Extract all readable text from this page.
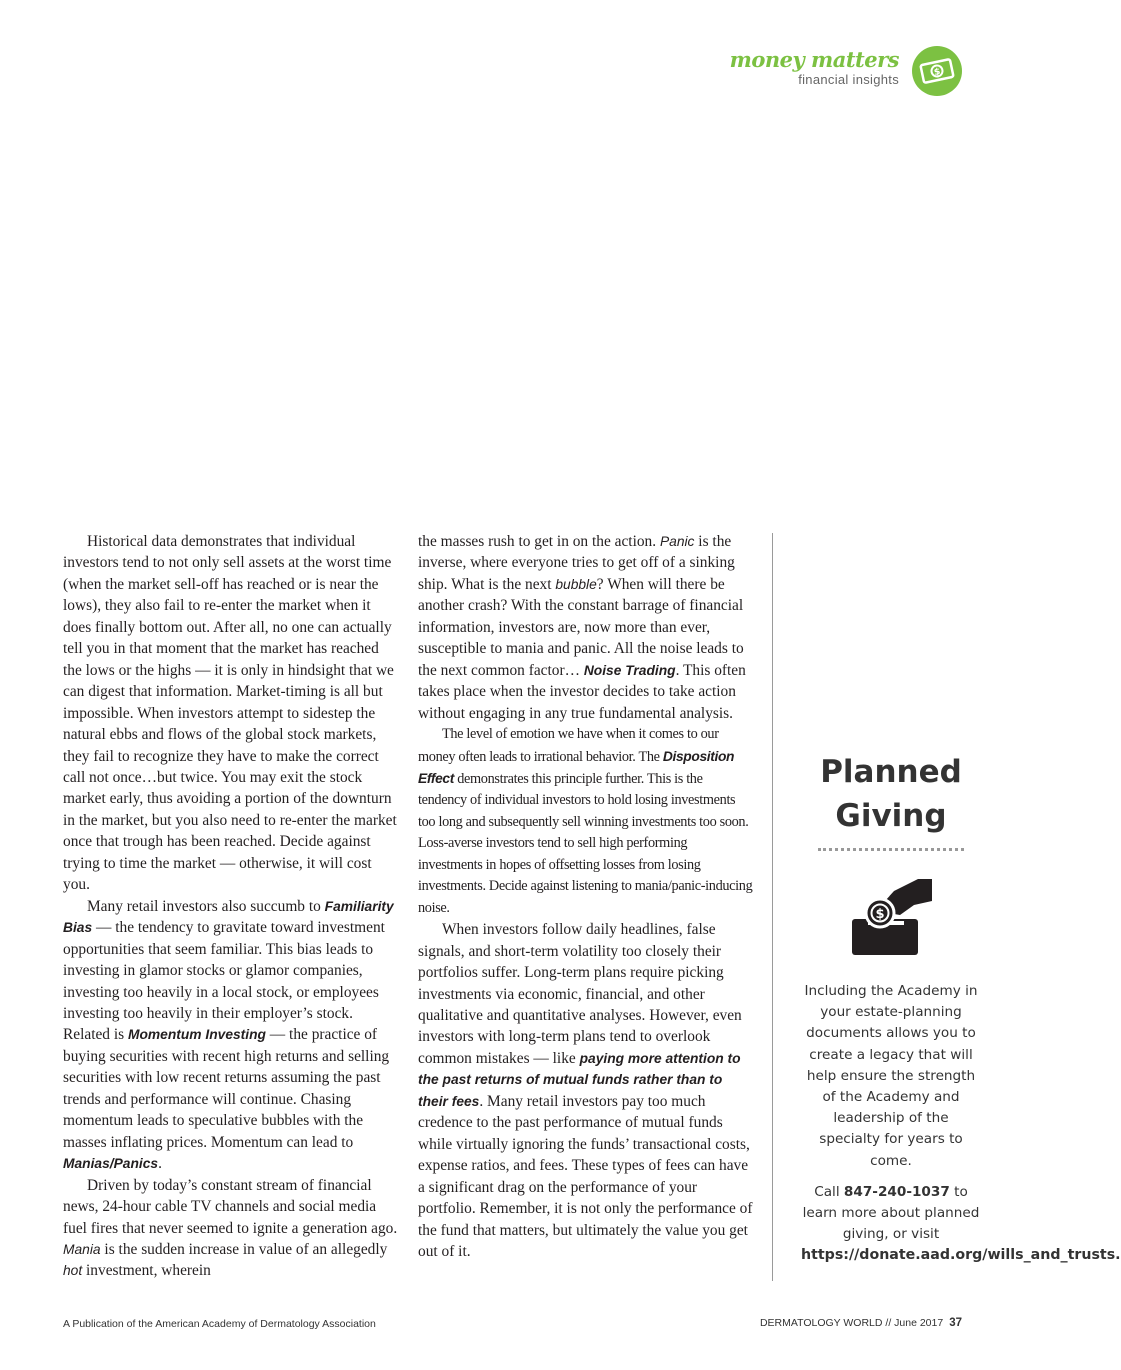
money matters
financial insights	$

Historical data demonstrates that individual investors tend to not only sell assets at the worst time (when the market sell-off has reached or is near the lows), they also fail to re-enter the market when it does finally bottom out. After all, no one can actually tell you in that moment that the market has reached the lows or the highs — it is only in hindsight that we can digest that information. Market-timing is all but impossible. When investors attempt to sidestep the natural ebbs and flows of the global stock markets, they fail to recognize they have to make the correct call not once…but twice. You may exit the stock market early, thus avoiding a portion of the downturn in the market, but you also need to re-enter the market once that trough has been reached. Decide against trying to time the market — otherwise, it will cost you.

Many retail investors also succumb to Familiarity Bias — the tendency to gravitate toward investment opportunities that seem familiar. This bias leads to investing in glamor stocks or glamor companies, investing too heavily in a local stock, or employees investing too heavily in their employer’s stock. Related is Momentum Investing — the practice of buying securities with recent high returns and selling securities with low recent returns assuming the past trends and performance will continue. Chasing momentum leads to speculative bubbles with the masses inflating prices. Momentum can lead to Manias/Panics.

Driven by today’s constant stream of financial news, 24-hour cable TV channels and social media fuel fires that never seemed to ignite a generation ago. Mania is the sudden increase in value of an allegedly hot investment, wherein

the masses rush to get in on the action. Panic is the inverse, where everyone tries to get off of a sinking ship. What is the next bubble? When will there be another crash? With the constant barrage of financial information, investors are, now more than ever, susceptible to mania and panic. All the noise leads to the next common factor… Noise Trading. This often takes place when the investor decides to take action without engaging in any true fundamental analysis.

The level of emotion we have when it comes to our money often leads to irrational behavior. The Disposition Effect demonstrates this principle further. This is the tendency of individual investors to hold losing investments too long and subsequently sell winning investments too soon. Loss-averse investors tend to sell high performing investments in hopes of offsetting losses from losing investments. Decide against listening to mania/panic-inducing noise.

When investors follow daily headlines, false signals, and short-term volatility too closely their portfolios suffer. Long-term plans require picking investments via economic, financial, and other qualitative and quantitative analyses. However, even investors with long-term plans tend to overlook common mistakes — like paying more attention to the past returns of mutual funds rather than to their fees. Many retail investors pay too much credence to the past performance of mutual funds while virtually ignoring the funds’ transactional costs, expense ratios, and fees. These types of fees can have a significant drag on the performance of your portfolio. Remember, it is not only the performance of the fund that matters, but ultimately the value you get out of it.

Planned
Giving
$
Including the Academy in your estate-planning documents allows you to create a legacy that will help ensure the strength of the Academy and leadership of the specialty for years to come.
Call 847-240-1037 to learn more about planned giving, or visit
https://donate.aad.org/wills_and_trusts.
A Publication of the American Academy of Dermatology Association	DERMATOLOGY WORLD // June 2017 37
